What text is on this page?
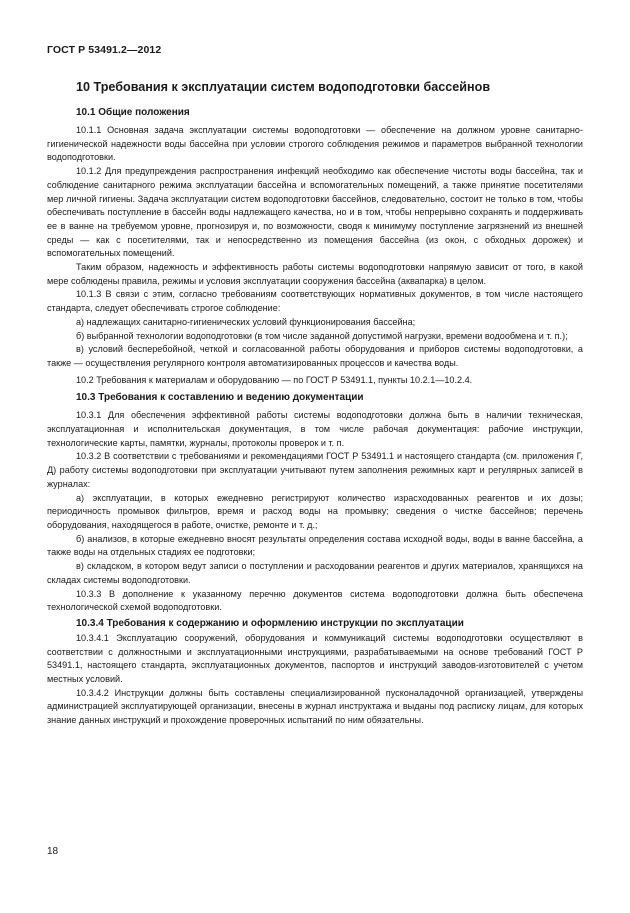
ГОСТ Р 53491.2—2012
10 Требования к эксплуатации систем водоподготовки бассейнов
10.1 Общие положения

10.1.1 Основная задача эксплуатации системы водоподготовки — обеспечение на должном уровне санитарно-гигиенической надежности воды бассейна при условии строгого соблюдения режимов и параметров выбранной технологии водоподготовки.

10.1.2 Для предупреждения распространения инфекций необходимо как обеспечение чистоты воды бассейна, так и соблюдение санитарного режима эксплуатации бассейна и вспомогательных помещений, а также принятие посетителями мер личной гигиены. Задача эксплуатации систем водоподготовки бассейнов, следовательно, состоит не только в том, чтобы обеспечивать поступление в бассейн воды надлежащего качества, но и в том, чтобы непрерывно сохранять и поддерживать ее в ванне на требуемом уровне, прогнозируя и, по возможности, сводя к минимуму поступление загрязнений из внешней среды — как с посетителями, так и непосредственно из помещения бассейна (из окон, с обходных дорожек) и вспомогательных помещений.

Таким образом, надежность и эффективность работы системы водоподготовки напрямую зависит от того, в какой мере соблюдены правила, режимы и условия эксплуатации сооружения бассейна (аквапарка) в целом.

10.1.3 В связи с этим, согласно требованиям соответствующих нормативных документов, в том числе настоящего стандарта, следует обеспечивать строгое соблюдение:

а) надлежащих санитарно-гигиенических условий функционирования бассейна;

б) выбранной технологии водоподготовки (в том числе заданной допустимой нагрузки, времени водообмена и т. п.);

в) условий бесперебойной, четкой и согласованной работы оборудования и приборов системы водоподготовки, а также — осуществления регулярного контроля автоматизированных процессов и качества воды.

10.2 Требования к материалам и оборудованию — по ГОСТ Р 53491.1, пункты 10.2.1—10.2.4.

10.3 Требования к составлению и ведению документации

10.3.1 Для обеспечения эффективной работы системы водоподготовки должна быть в наличии техническая, эксплуатационная и исполнительская документация, в том числе рабочая документация: рабочие инструкции, технологические карты, памятки, журналы, протоколы проверок и т. п.

10.3.2 В соответствии с требованиями и рекомендациями ГОСТ Р 53491.1 и настоящего стандарта (см. приложения Г, Д) работу системы водоподготовки при эксплуатации учитывают путем заполнения режимных карт и регулярных записей в журналах:

а) эксплуатации, в которых ежедневно регистрируют количество израсходованных реагентов и их дозы; периодичность промывок фильтров, время и расход воды на промывку; сведения о чистке бассейнов; перечень оборудования, находящегося в работе, очистке, ремонте и т. д.;

б) анализов, в которые ежедневно вносят результаты определения состава исходной воды, воды в ванне бассейна, а также воды на отдельных стадиях ее подготовки;

в) складском, в котором ведут записи о поступлении и расходовании реагентов и других материалов, хранящихся на складах системы водоподготовки.

10.3.3 В дополнение к указанному перечню документов система водоподготовки должна быть обеспечена технологической схемой водоподготовки.

10.3.4 Требования к содержанию и оформлению инструкции по эксплуатации

10.3.4.1 Эксплуатацию сооружений, оборудования и коммуникаций системы водоподготовки осуществляют в соответствии с должностными и эксплуатационными инструкциями, разрабатываемыми на основе требований ГОСТ Р 53491.1, настоящего стандарта, эксплуатационных документов, паспортов и инструкций заводов-изготовителей с учетом местных условий.

10.3.4.2 Инструкции должны быть составлены специализированной пусконаладочной организацией, утверждены администрацией эксплуатирующей организации, внесены в журнал инструктажа и выданы под расписку лицам, для которых знание данных инструкций и прохождение проверочных испытаний по ним обязательны.

18
